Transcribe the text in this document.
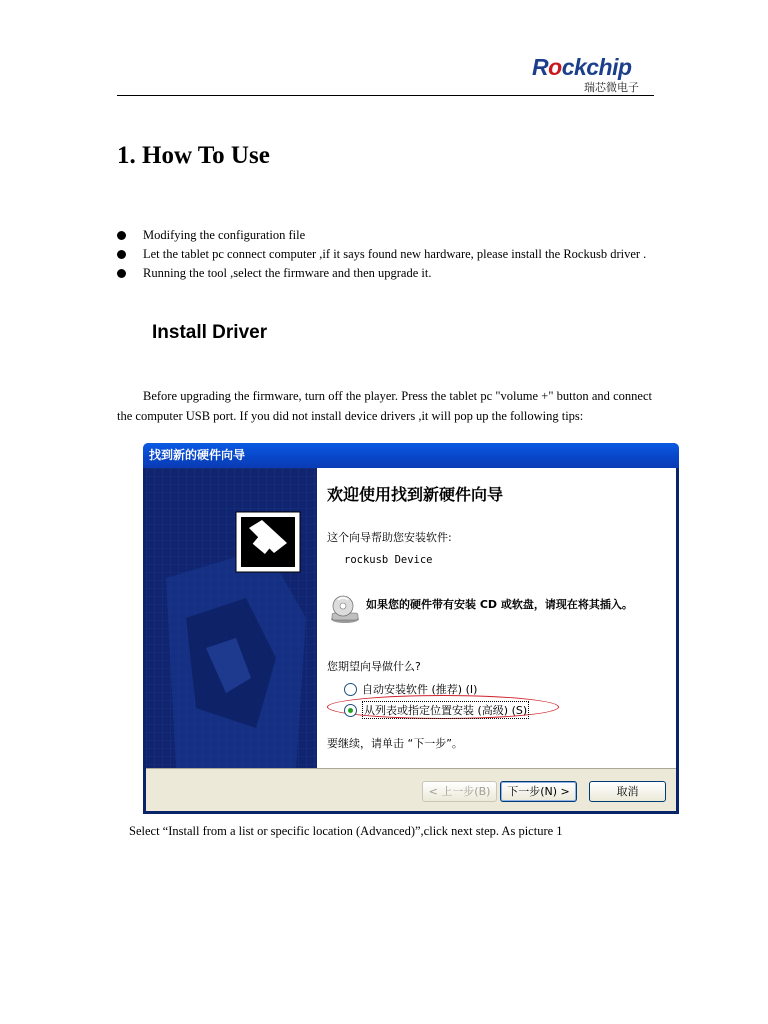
Rockchip
瑞芯微电子
1. How To Use
Modifying the configuration file
Let the tablet pc connect computer ,if it says found new hardware, please install the Rockusb driver .
Running the tool ,select the firmware and then upgrade it.
Install Driver

Before upgrading the firmware, turn off the player. Press the tablet pc "volume +" button and connect the computer USB port. If you did not install device drivers ,it will pop up the following tips:

找到新的硬件向导
欢迎使用找到新硬件向导
这个向导帮助您安装软件:
rockusb Device
如果您的硬件带有安装 CD 或软盘，请现在将其插入。
您期望向导做什么?
自动安装软件 (推荐) (I)
从列表或指定位置安装 (高级) (S)
要继续，请单击 “下一步”。
< 上一步(B)	下一步(N) >	取消

Select “Install from a list or specific location (Advanced)”,click next step. As picture 1
